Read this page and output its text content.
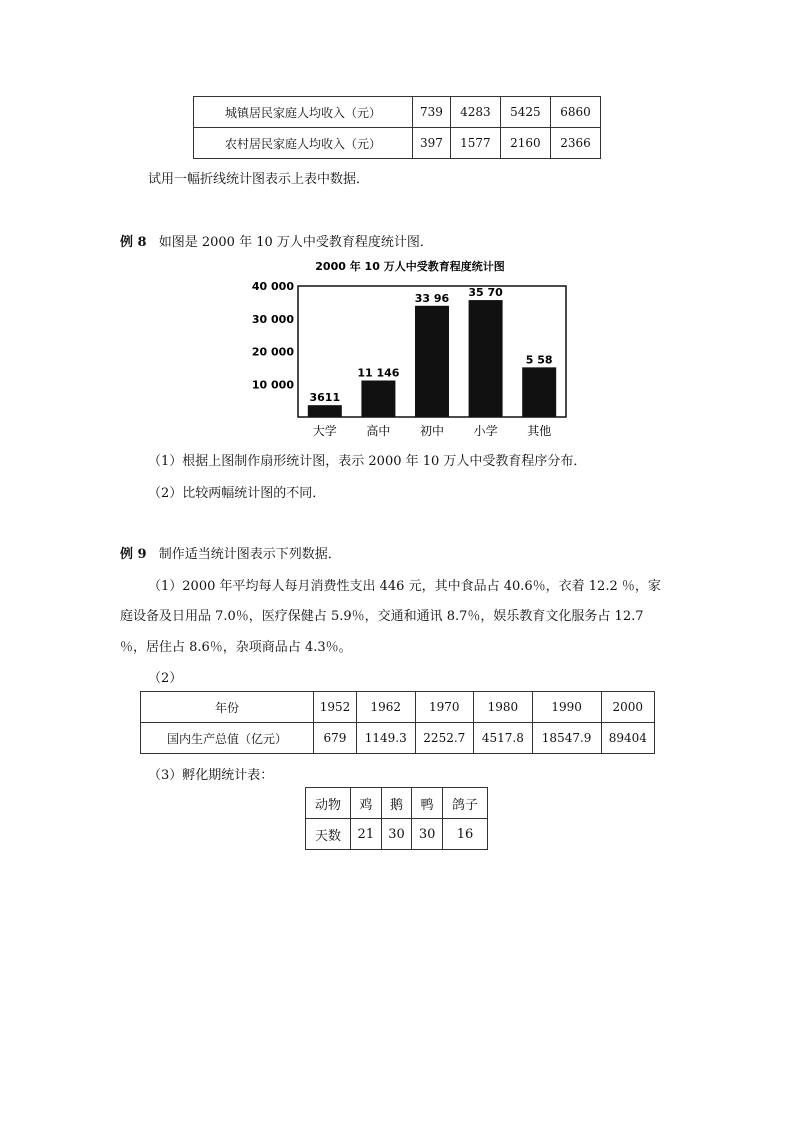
城镇居民家庭人均收入（元）	739	4283	5425	6860
农村居民家庭人均收入（元）	397	1577	2160	2366
试用一幅折线统计图表示上表中数据．
例 8 如图是 2000 年 10 万人中受教育程度统计图．
2000 年 10 万人中受教育程度统计图
40 000
30 000
20 000
10 000
3611
11 146
33 96 35 70
5 58
大学 高中 初中 小学 其他
（1）根据上图制作扇形统计图，表示 2000 年 10 万人中受教育程序分布．
（2）比较两幅统计图的不同．
例 9 制作适当统计图表示下列数据．
（1）2000 年平均每人每月消费性支出 446 元，其中食品占 40.6％，衣着 12.2 ％，家
庭设备及日用品 7.0％，医疗保健占 5.9％，交通和通讯 8.7％，娱乐教育文化服务占 12.7
％，居住占 8.6％，杂项商品占 4.3％。
（2）
年份	1952	1962	1970	1980	1990	2000
国内生产总值（亿元）	679	1149.3	2252.7	4517.8	18547.9	89404
（3）孵化期统计表：
动物	鸡	鹅	鸭	鸽子
天数	21	30	30	16
